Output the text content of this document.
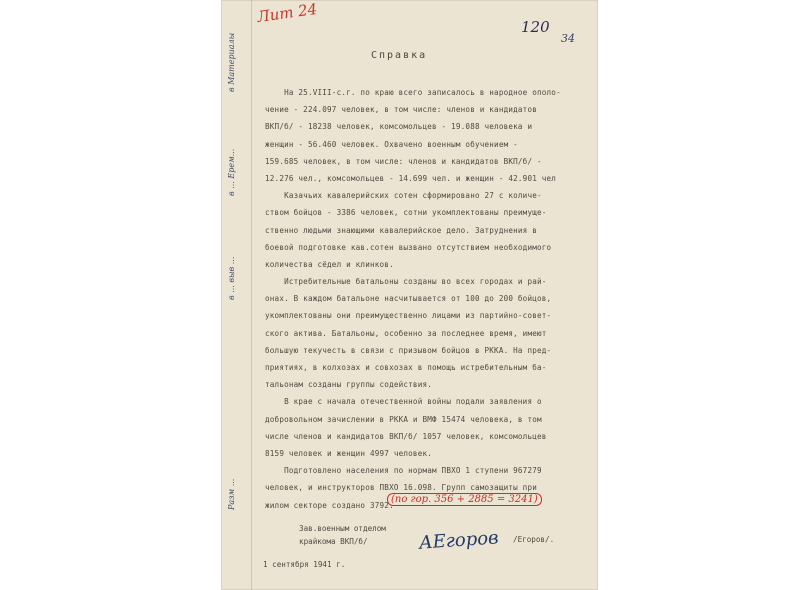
в Материалы
в ... Ерем...
в ... выв ...
Разм ...
Лит 24
120
34
Справка
На 25.VIII-с.г. по краю всего записалось в народное ополо-
чение - 224.097 человек, в том числе: членов и кандидатов
ВКП/б/ - 18238 человек, комсомольцев - 19.088 человека и
женщин - 56.460 человек. Охвачено военным обучением -
159.685 человек, в том числе: членов и кандидатов ВКП/б/ -
12.276 чел., комсомольцев - 14.699 чел. и женщин - 42.901 чел
Казачьих кавалерийских сотен сформировано 27 с количе-
ством бойцов - 3386 человек, сотни укомплектованы преимуще-
ственно людьми знающими кавалерийское дело. Затруднения в
боевой подготовке кав.сотен вызвано отсутствием необходимого
количества сёдел и клинков.
Истребительные батальоны созданы во всех городах и рай-
онах. В каждом батальоне насчитывается от 100 до 200 бойцов,
укомплектованы они преимущественно лицами из партийно-совет-
ского актива. Батальоны, особенно за последнее время, имеют
большую текучесть в связи с призывом бойцов в РККА. На пред-
приятиях, в колхозах и совхозах в помощь истребительным ба-
тальонам созданы группы содействия.
В крае с начала отечественной войны подали заявления о
добровольном зачислении в РККА и ВМФ 15474 человека, в том
числе членов и кандидатов ВКП/б/ 1057 человек, комсомольцев
8159 человек и женщин 4997 человек.
Подготовлено населения по нормам ПВХО 1 ступени 967279
человек, и инструкторов ПВХО 16.098. Групп самозащиты при
жилом секторе создано 3792.
(по гор. 356 + 2885 = 3241)
Зав.военным отделом
крайкома ВКП/б/	АЕгоров /Егоров/.
1 сентября 1941 г.
